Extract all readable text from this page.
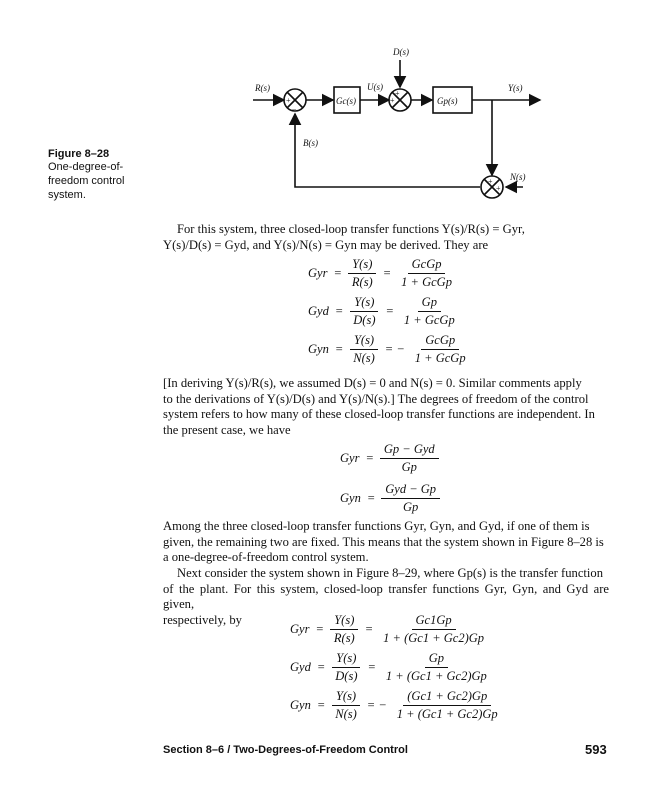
D(s)
R(s)	U(s)	Y(s)
B(s)
N(s)
Gc(s)	Gp(s)
+
−
+
+
+
+
Figure 8–28
One-degree-of-
freedom control
system.
For this system, three closed-loop transfer functions Y(s)/R(s) = Gyr,
Y(s)/D(s) = Gyd, and Y(s)/N(s) = Gyn may be derived. They are
Gyr = $\frac{Y(s)}{R(s)} = \frac{\text{GcGp}}{\text{1 + GcGp}}$
Gyd = $\frac{Y(s)}{D(s)} = \frac{Gp}{\text{1 + GcGp}}$
Gyn = $\frac{Y(s)}{N(s)}$ = − $\frac{\text{GcGp}}{\text{1 + GcGp}}$
[In deriving Y(s)/R(s), we assumed D(s) = 0 and N(s) = 0. Similar comments apply
to the derivations of Y(s)/D(s) and Y(s)/N(s).] The degrees of freedom of the control
system refers to how many of these closed-loop transfer functions are independent. In
the present case, we have
Gyr = $\frac{\text{Gp − Gyd}}{Gp}$
Gyn = $\frac{\text{Gyd − Gp}}{Gp}$
Among the three closed-loop transfer functions Gyr, Gyn, and Gyd, if one of them is
given, the remaining two are fixed. This means that the system shown in Figure 8–28 is
a one-degree-of-freedom control system.
Next consider the system shown in Figure 8–29, where Gp(s) is the transfer function
of the plant. For this system, closed-loop transfer functions Gyr, Gyn, and Gyd are given,
respectively, by
Gyr = $\frac{Y(s)}{R(s)} = \frac{Gc1Gp}{1 + (Gc1 + Gc2)Gp}$
Gyd = $\frac{Y(s)}{D(s)} = \frac{Gp}{1 + (Gc1 + Gc2)Gp}$
Gyn = $\frac{Y(s)}{N(s)}$ = − $\frac{(Gc1 + Gc2)Gp}{1 + (Gc1 + Gc2)Gp}$
Section 8–6 / Two-Degrees-of-Freedom Control	593
